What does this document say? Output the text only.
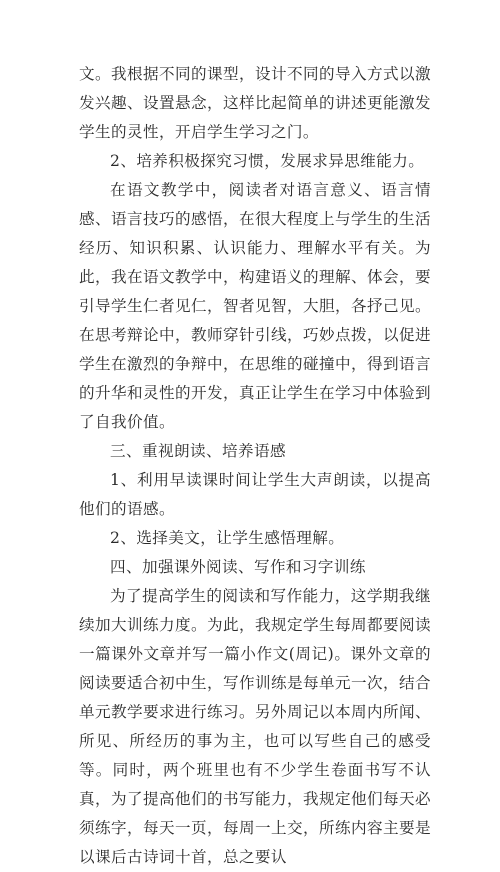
文。我根据不同的课型，设计不同的导入方式以激发兴趣、设置悬念，这样比起简单的讲述更能激发学生的灵性，开启学生学习之门。

2、培养积极探究习惯，发展求异思维能力。

在语文教学中，阅读者对语言意义、语言情感、语言技巧的感悟，在很大程度上与学生的生活经历、知识积累、认识能力、理解水平有关。为此，我在语文教学中，构建语义的理解、体会，要引导学生仁者见仁，智者见智，大胆，各抒己见。在思考辩论中，教师穿针引线，巧妙点拨，以促进学生在激烈的争辩中，在思维的碰撞中，得到语言的升华和灵性的开发，真正让学生在学习中体验到了自我价值。

三、重视朗读、培养语感

1、利用早读课时间让学生大声朗读，以提高他们的语感。

2、选择美文，让学生感悟理解。

四、加强课外阅读、写作和习字训练

为了提高学生的阅读和写作能力，这学期我继续加大训练力度。为此，我规定学生每周都要阅读一篇课外文章并写一篇小作文(周记)。课外文章的阅读要适合初中生，写作训练是每单元一次，结合单元教学要求进行练习。另外周记以本周内所闻、所见、所经历的事为主，也可以写些自己的感受等。同时，两个班里也有不少学生卷面书写不认真，为了提高他们的书写能力，我规定他们每天必须练字，每天一页，每周一上交，所练内容主要是以课后古诗词十首，总之要认
